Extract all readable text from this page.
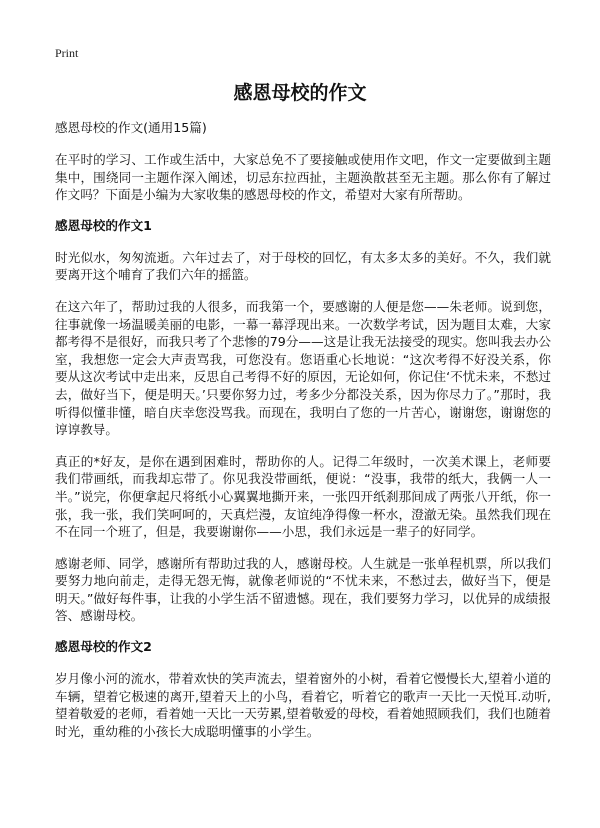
Print
感恩母校的作文

感恩母校的作文(通用15篇)

在平时的学习、工作或生活中，大家总免不了要接触或使用作文吧，作文一定要做到主题集中，围绕同一主题作深入阐述，切忌东拉西扯，主题涣散甚至无主题。那么你有了解过作文吗？下面是小编为大家收集的感恩母校的作文，希望对大家有所帮助。

感恩母校的作文1

时光似水，匆匆流逝。六年过去了，对于母校的回忆，有太多太多的美好。不久，我们就要离开这个哺育了我们六年的摇篮。

在这六年了，帮助过我的人很多，而我第一个，要感谢的人便是您——朱老师。说到您，往事就像一场温暖美丽的电影，一幕一幕浮现出来。一次数学考试，因为题目太难，大家都考得不是很好，而我只考了个悲惨的79分——这是让我无法接受的现实。您叫我去办公室，我想您一定会大声责骂我，可您没有。您语重心长地说：“这次考得不好没关系，你要从这次考试中走出来，反思自己考得不好的原因，无论如何，你记住‘不忧未来，不愁过去，做好当下，便是明天。’只要你努力过，考多少分都没关系，因为你尽力了。”那时，我听得似懂非懂，暗自庆幸您没骂我。而现在，我明白了您的一片苦心，谢谢您，谢谢您的谆谆教导。

真正的*好友，是你在遇到困难时，帮助你的人。记得二年级时，一次美术课上，老师要我们带画纸，而我却忘带了。你见我没带画纸，便说：“没事，我带的纸大，我俩一人一半。”说完，你便拿起尺将纸小心翼翼地撕开来，一张四开纸刹那间成了两张八开纸，你一张，我一张，我们笑呵呵的，天真烂漫，友谊纯净得像一杯水，澄澈无染。虽然我们现在不在同一个班了，但是，我要谢谢你——小思，我们永远是一辈子的好同学。

感谢老师、同学，感谢所有帮助过我的人，感谢母校。人生就是一张单程机票，所以我们要努力地向前走，走得无怨无悔，就像老师说的“不忧未来，不愁过去，做好当下，便是明天。”做好每件事，让我的小学生活不留遗憾。现在，我们要努力学习，以优异的成绩报答、感谢母校。

感恩母校的作文2

岁月像小河的流水，带着欢快的笑声流去，望着窗外的小树，看着它慢慢长大,望着小道的车辆，望着它极速的离开,望着天上的小鸟，看着它，听着它的歌声一天比一天悦耳.动听,望着敬爱的老师，看着她一天比一天劳累,望着敬爱的母校，看着她照顾我们，我们也随着时光，重幼稚的小孩长大成聪明懂事的小学生。
